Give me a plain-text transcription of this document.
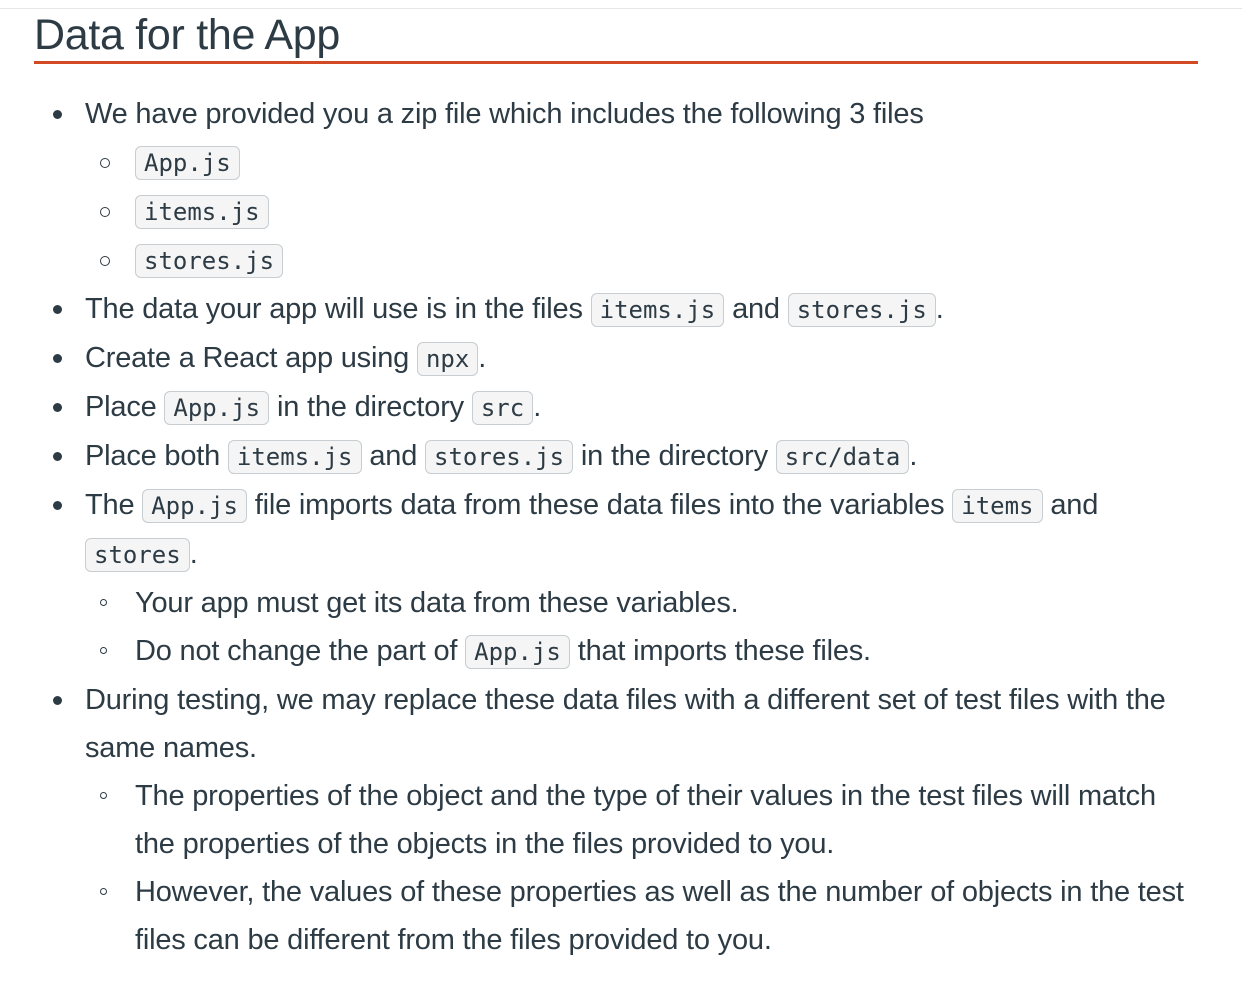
Data for the App
We have provided you a zip file which includes the following 3 files
App.js
items.js
stores.js
The data your app will use is in the files items.js and stores.js .
Create a React app using npx .
Place App.js in the directory src .
Place both items.js and stores.js in the directory src/data .
The App.js file imports data from these data files into the variables items and stores .
Your app must get its data from these variables.
Do not change the part of App.js that imports these files.
During testing, we may replace these data files with a different set of test files with the same names.
The properties of the object and the type of their values in the test files will match the properties of the objects in the files provided to you.
However, the values of these properties as well as the number of objects in the test files can be different from the files provided to you.
